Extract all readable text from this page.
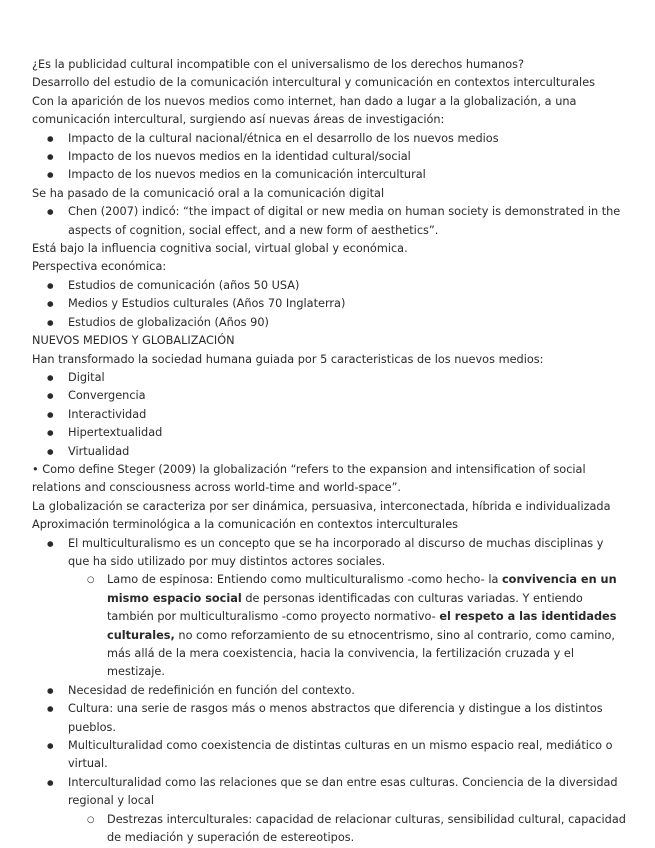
¿Es la publicidad cultural incompatible con el universalismo de los derechos humanos?

Desarrollo del estudio de la comunicación intercultural y comunicación en contextos interculturales

Con la aparición de los nuevos medios como internet, han dado a lugar a la globalización, a una comunicación intercultural, surgiendo así nuevas áreas de investigación:

● Impacto de la cultural nacional/étnica en el desarrollo de los nuevos medios
● Impacto de los nuevos medios en la identidad cultural/social
● Impacto de los nuevos medios en la comunicación intercultural

Se ha pasado de la comunicació oral a la comunicación digital

● Chen (2007) indicó: “the impact of digital or new media on human society is demonstrated in the aspects of cognition, social effect, and a new form of aesthetics”.

Está bajo la influencia cognitiva social, virtual global y económica.

Perspectiva económica:

● Estudios de comunicación (años 50 USA)
● Medios y Estudios culturales (Años 70 Inglaterra)
● Estudios de globalización (Años 90)

NUEVOS MEDIOS Y GLOBALIZACIÓN

Han transformado la sociedad humana guiada por 5 caracteristicas de los nuevos medios:

● Digital
● Convergencia
● Interactividad
● Hipertextualidad
● Virtualidad

• Como define Steger (2009) la globalización “refers to the expansion and intensification of social relations and consciousness across world-time and world-space”.

La globalización se caracteriza por ser dinámica, persuasiva, interconectada, híbrida e individualizada

Aproximación terminológica a la comunicación en contextos interculturales

● El multiculturalismo es un concepto que se ha incorporado al discurso de muchas disciplinas y que ha sido utilizado por muy distintos actores sociales.
○ Lamo de espinosa: Entiendo como multiculturalismo -como hecho- la convivencia en un mismo espacio social de personas identificadas con culturas variadas. Y entiendo también por multiculturalismo -como proyecto normativo- el respeto a las identidades culturales, no como reforzamiento de su etnocentrismo, sino al contrario, como camino, más allá de la mera coexistencia, hacia la convivencia, la fertilización cruzada y el mestizaje.
● Necesidad de redefinición en función del contexto.
● Cultura: una serie de rasgos más o menos abstractos que diferencia y distingue a los distintos pueblos.
● Multiculturalidad como coexistencia de distintas culturas en un mismo espacio real, mediático o virtual.
● Interculturalidad como las relaciones que se dan entre esas culturas. Conciencia de la diversidad regional y local
○ Destrezas interculturales: capacidad de relacionar culturas, sensibilidad cultural, capacidad de mediación y superación de estereotipos.
